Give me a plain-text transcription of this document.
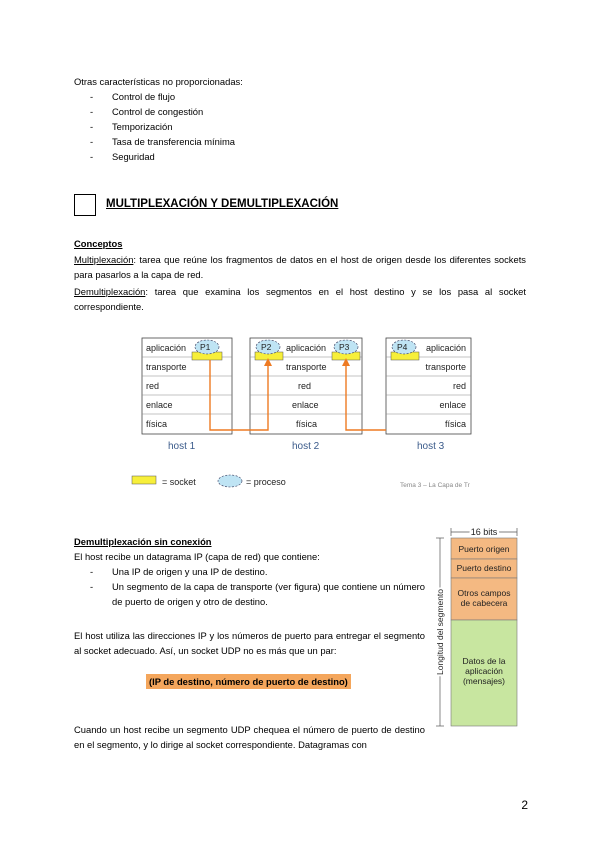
Otras características no proporcionadas:
- Control de flujo
- Control de congestión
- Temporización
- Tasa de transferencia mínima
- Seguridad
MULTIPLEXACIÓN Y DEMULTIPLEXACIÓN
Conceptos
Multiplexación: tarea que reúne los fragmentos de datos en el host de origen desde los diferentes sockets para pasarlos a la capa de red.
Demultiplexación: tarea que examina los segmentos en el host destino y se los pasa al socket correspondiente.
aplicación
transporte
red
enlace
física
P1	aplicación
transporte
red
enlace
física
P2	P3	aplicación
transporte
red
enlace
física
P4
host 1	host 2	host 3
= socket	= proceso	Tema 3 – La Capa de Tr
Demultiplexación sin conexión
El host recibe un datagrama IP (capa de red) que contiene:
- Una IP de origen y una IP de destino.
- Un segmento de la capa de transporte (ver figura) que contiene un número de puerto de origen y otro de destino.
El host utiliza las direcciones IP y los números de puerto para entregar el segmento al socket adecuado. Así, un socket UDP no es más que un par:
(IP de destino, número de puerto de destino)
Cuando un host recibe un segmento UDP chequea el número de puerto de destino en el segmento, y lo dirige al socket correspondiente. Datagramas con
16 bits
Puerto origen
Puerto destino
Otros campos de cabecera
Datos de la aplicación (mensajes)
Longitud del segmento
2
